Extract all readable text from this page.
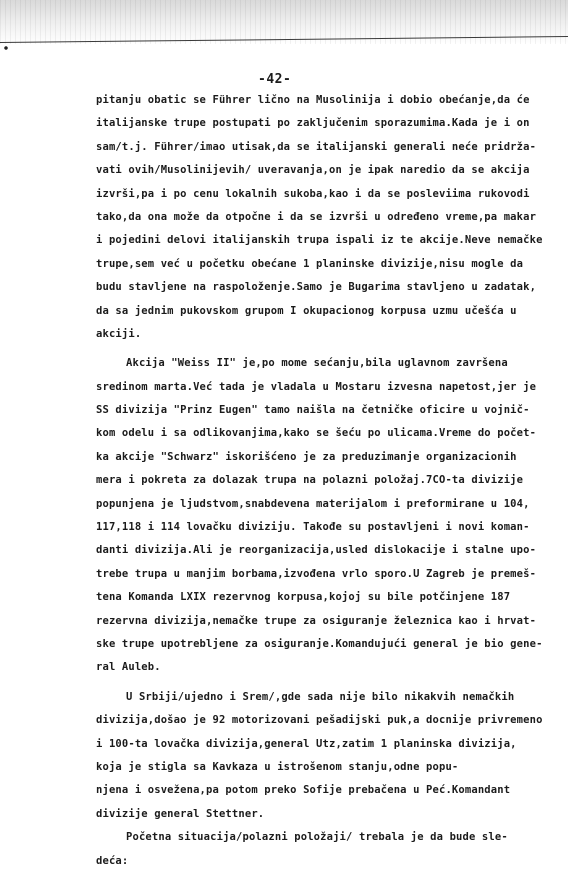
-42-
pitanju obatic se Führer lično na Musolinija i dobio obećanje,da će
italijanske trupe postupati po zaključenim sporazumima.Kada je i on
sam/t.j. Führer/imao utisak,da se italijanski generali neće pridrža-
vati ovih/Musolinijevih/ uveravanja,on je ipak naredio da se akcija
izvrši,pa i po cenu lokalnih sukoba,kao i da se posleviima rukovodi
tako,da ona može da otpočne i da se izvrši u određeno vreme,pa makar
i pojedini delovi italijanskih trupa ispali iz te akcije.Neve nemačke
trupe,sem već u početku obećane 1 planinske divizije,nisu mogle da
budu stavljene na raspoloženje.Samo je Bugarima stavljeno u zadatak,
da sa jednim pukovskom grupom I okupacionog korpusa uzmu učešća u
akciji.
Akcija "Weiss II" je,po mome sećanju,bila uglavnom završena
sredinom marta.Već tada je vladala u Mostaru izvesna napetost,jer je
SS divizija "Prinz Eugen" tamo naišla na četničke oficire u vojnič-
kom odelu i sa odlikovanjima,kako se šeću po ulicama.Vreme do počet-
ka akcije "Schwarz" iskorišćeno je za preduzimanje organizacionih
mera i pokreta za dolazak trupa na polazni položaj.7CO-ta divizije
popunjena je ljudstvom,snabdevena materijalom i preformirane u 104,
117,118 i 114 lovačku diviziju. Takođe su postavljeni i novi koman-
danti divizija.Ali je reorganizacija,usled dislokacije i stalne upo-
trebe trupa u manjim borbama,izvođena vrlo sporo.U Zagreb je premeš-
tena Komanda LXIX rezervnog korpusa,kojoj su bile potčinjene 187
rezervna divizija,nemačke trupe za osiguranje železnica kao i hrvat-
ske trupe upotrebljene za osiguranje.Komandujući general je bio gene-
ral Auleb.
U Srbiji/ujedno i Srem/,gde sada nije bilo nikakvih nemačkih
divizija,došao je 92 motorizovani pešadijski puk,a docnije privremeno
i 100-ta lovačka divizija,general Utz,zatim 1 planinska divizija,
koja je stigla sa Kavkaza u istrošenom stanju,odne popu-
njena i osvežena,pa potom preko Sofije prebačena u Peć.Komandant
divizije general Stettner.
Početna situacija/polazni položaji/ trebala je da bude sle-
deća:
